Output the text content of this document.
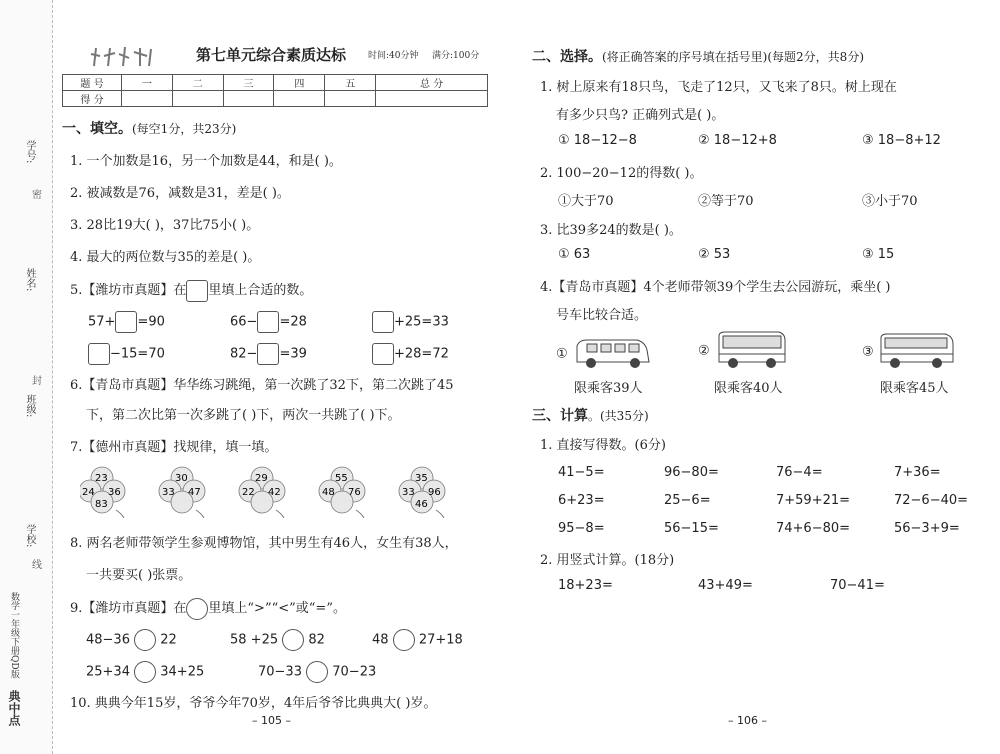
学号:
密
姓名:
封
班级:
学校:
线
数学一年级下册QD版
典中点
第七单元综合素质达标 时间:40分钟 满分:100分
题 号	一	二	三	四	五	总 分
得 分						
一、填空。(每空1分，共23分)
1. 一个加数是16，另一个加数是44，和是( )。
2. 被减数是76，减数是31，差是( )。
3. 28比19大( )，37比75小( )。
4. 最大的两位数与35的差是( )。
5.【潍坊市真题】在 里填上合适的数。
57+ =90	66− =28	+25=33
−15=70	82− =39	+28=72
6.【青岛市真题】华华练习跳绳，第一次跳了32下，第二次跳了45
下，第二次比第一次多跳了( )下，两次一共跳了( )下。
7.【德州市真题】找规律，填一填。
23
24 36
83
30
33 47
29
22 42
55
48 76
35
33 96
46
8. 两名老师带领学生参观博物馆，其中男生有46人，女生有38人，
一共要买( )张票。
9.【潍坊市真题】在 里填上“>”“<”或“=”。
48−36 22	58 +25 82	48 27+18
25+34 34+25	70−33 70−23
10. 典典今年15岁，爷爷今年70岁，4年后爷爷比典典大( )岁。
– 105 –
二、选择。(将正确答案的序号填在括号里)(每题2分，共8分)
1. 树上原来有18只鸟，飞走了12只，又飞来了8只。树上现在
有多少只鸟? 正确列式是( )。
① 18−12−8	② 18−12+8	③ 18−8+12
2. 100−20−12的得数( )。
①大于70	②等于70	③小于70
3. 比39多24的数是( )。
① 63	② 53	③ 15
4.【青岛市真题】4个老师带领39个学生去公园游玩，乘坐( )
号车比较合适。
①
限乘客39人
②
限乘客40人
③
限乘客45人
三、计算。(共35分)
1. 直接写得数。(6分)
41−5=	96−80=	76−4=	7+36=
6+23=	25−6=	7+59+21=	72−6−40=
95−8=	56−15=	74+6−80=	56−3+9=
2. 用竖式计算。(18分)
18+23=	43+49=	70−41=
– 106 –
